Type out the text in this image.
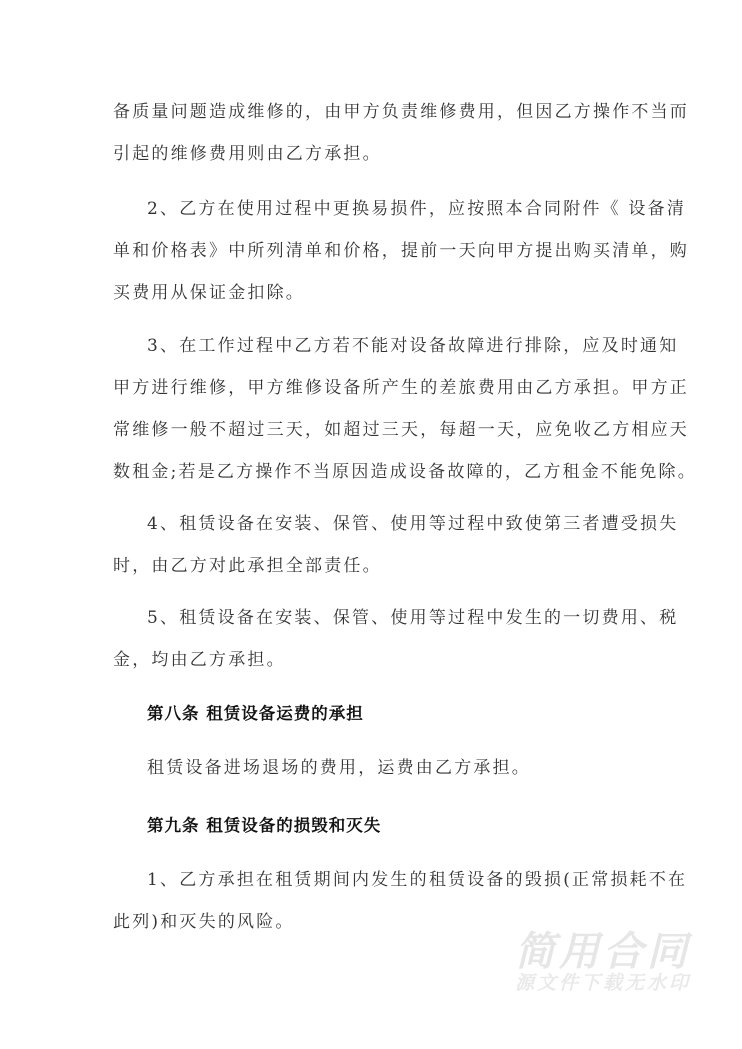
备质量问题造成维修的，由甲方负责维修费用，但因乙方操作不当而
引起的维修费用则由乙方承担。
2、乙方在使用过程中更换易损件，应按照本合同附件《 设备清
单和价格表》中所列清单和价格，提前一天向甲方提出购买清单，购
买费用从保证金扣除。
3、在工作过程中乙方若不能对设备故障进行排除，应及时通知
甲方进行维修，甲方维修设备所产生的差旅费用由乙方承担。甲方正
常维修一般不超过三天，如超过三天，每超一天，应免收乙方相应天
数租金;若是乙方操作不当原因造成设备故障的，乙方租金不能免除。
4、租赁设备在安装、保管、使用等过程中致使第三者遭受损失
时，由乙方对此承担全部责任。
5、租赁设备在安装、保管、使用等过程中发生的一切费用、税
金，均由乙方承担。
第八条 租赁设备运费的承担
租赁设备进场退场的费用，运费由乙方承担。
第九条 租赁设备的损毁和灭失
1、乙方承担在租赁期间内发生的租赁设备的毁损(正常损耗不在
此列)和灭失的风险。
简用合同
源文件下载无水印
